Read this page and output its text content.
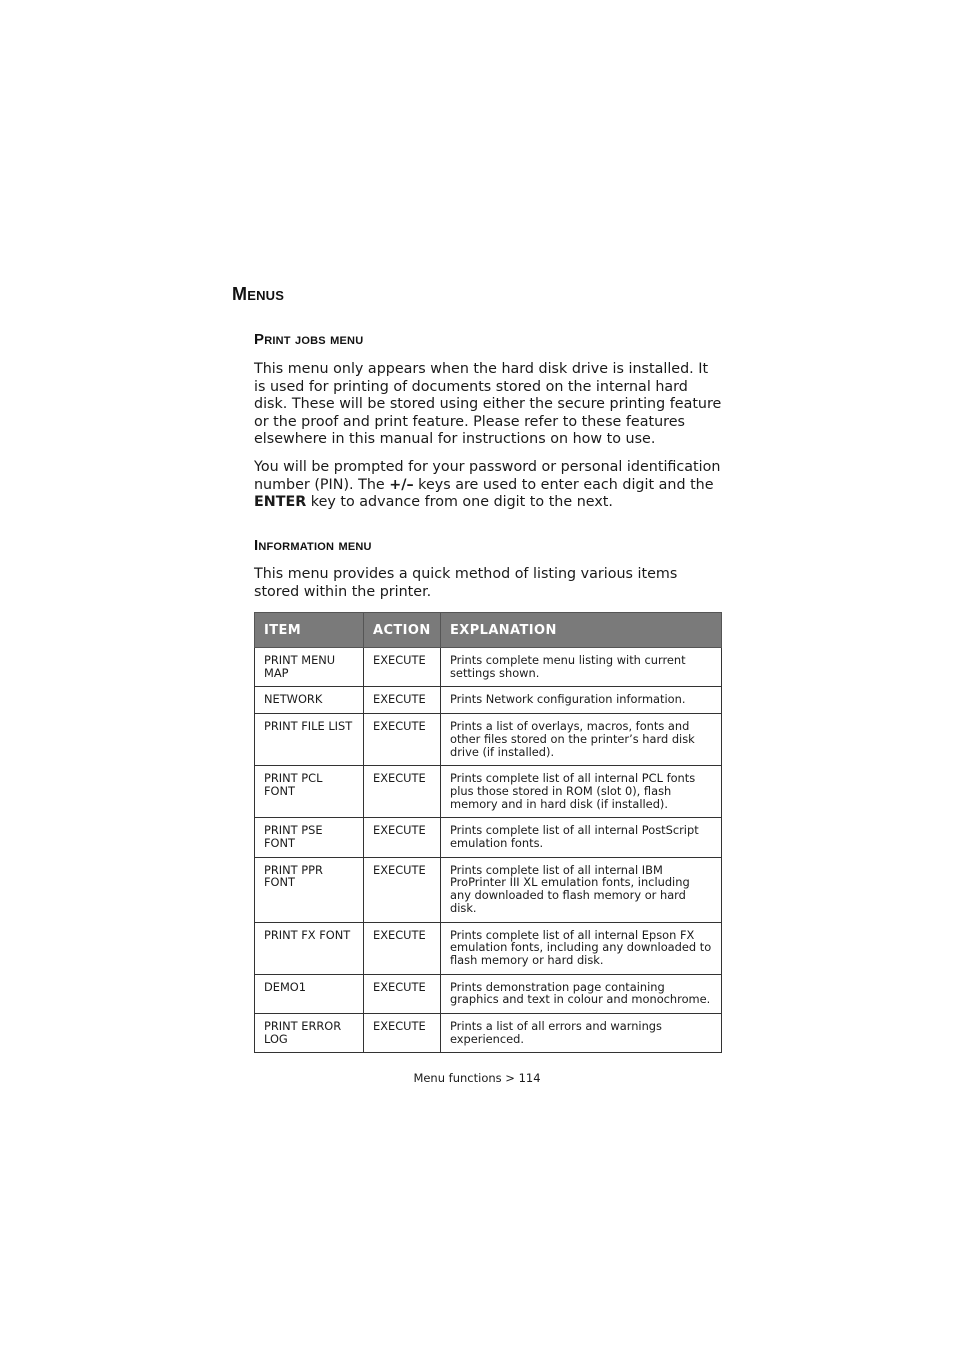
Menus
Print jobs menu

This menu only appears when the hard disk drive is installed. It is used for printing of documents stored on the internal hard disk. These will be stored using either the secure printing feature or the proof and print feature. Please refer to these features elsewhere in this manual for instructions on how to use.

You will be prompted for your password or personal identification number (PIN). The +/– keys are used to enter each digit and the ENTER key to advance from one digit to the next.

Information menu

This menu provides a quick method of listing various items stored within the printer.

ITEM	ACTION	EXPLANATION
PRINT MENU MAP	EXECUTE	Prints complete menu listing with current settings shown.
NETWORK	EXECUTE	Prints Network configuration information.
PRINT FILE LIST	EXECUTE	Prints a list of overlays, macros, fonts and other files stored on the printer’s hard disk drive (if installed).
PRINT PCL FONT	EXECUTE	Prints complete list of all internal PCL fonts plus those stored in ROM (slot 0), flash memory and in hard disk (if installed).
PRINT PSE FONT	EXECUTE	Prints complete list of all internal PostScript emulation fonts.
PRINT PPR FONT	EXECUTE	Prints complete list of all internal IBM ProPrinter III XL emulation fonts, including any downloaded to flash memory or hard disk.
PRINT FX FONT	EXECUTE	Prints complete list of all internal Epson FX emulation fonts, including any downloaded to flash memory or hard disk.
DEMO1	EXECUTE	Prints demonstration page containing graphics and text in colour and monochrome.
PRINT ERROR LOG	EXECUTE	Prints a list of all errors and warnings experienced.
Menu functions > 114
